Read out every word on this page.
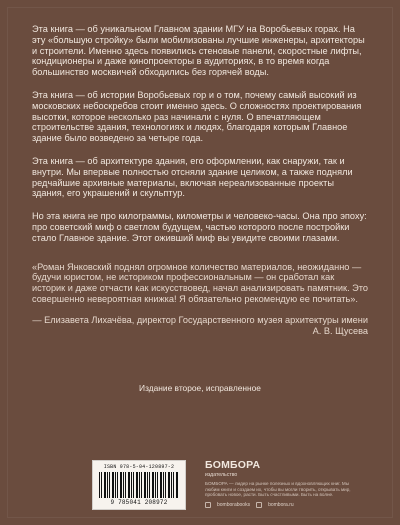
Эта книга — об уникальном Главном здании МГУ на Воробьевых горах. На эту «большую стройку» были мобилизованы лучшие инженеры, архитекторы и строители. Именно здесь появились стеновые панели, скоростные лифты, кондиционеры и даже кинопроекторы в аудиториях, в то время когда большинство москвичей обходились без горячей воды.

Эта книга — об истории Воробьевых гор и о том, почему самый высокий из московских небоскребов стоит именно здесь. О сложностях проектирования высотки, которое несколько раз начинали с нуля. О впечатляющем строительстве здания, технологиях и людях, благодаря которым Главное здание было возведено за четыре года.

Эта книга — об архитектуре здания, его оформлении, как снаружи, так и внутри. Мы впервые полностью отсняли здание целиком, а также подняли редчайшие архивные материалы, включая нереализованные проекты здания, его украшений и скульптур.

Но эта книга не про килограммы, километры и человеко-часы. Она про эпоху: про советский миф о светлом будущем, частью которого после постройки стало Главное здание. Этот оживший миф вы увидите своими глазами.

«Роман Янковский поднял огромное количество материалов, неожиданно — будучи юристом, не историком профессиональным — он сработал как историк и даже отчасти как искусствовед, начал анализировать памятник. Это совершенно невероятная книжка! Я обязательно рекомендую ее почитать».

— Елизавета Лихачёва, директор Государственного музея архитектуры имени А. В. Щусева

Издание второе, исправленное
ISBN 978-5-04-120897-2
9 785041 208972
БОМБОРА
издательство
БОМБОРА — лидер на рынке полезных и вдохновляющих книг. Мы любим книги и создаем их, чтобы вы могли творить, открывать мир, пробовать новое, расти. Быть счастливыми. Быть на волне.
bomborabooks	bombora.ru
